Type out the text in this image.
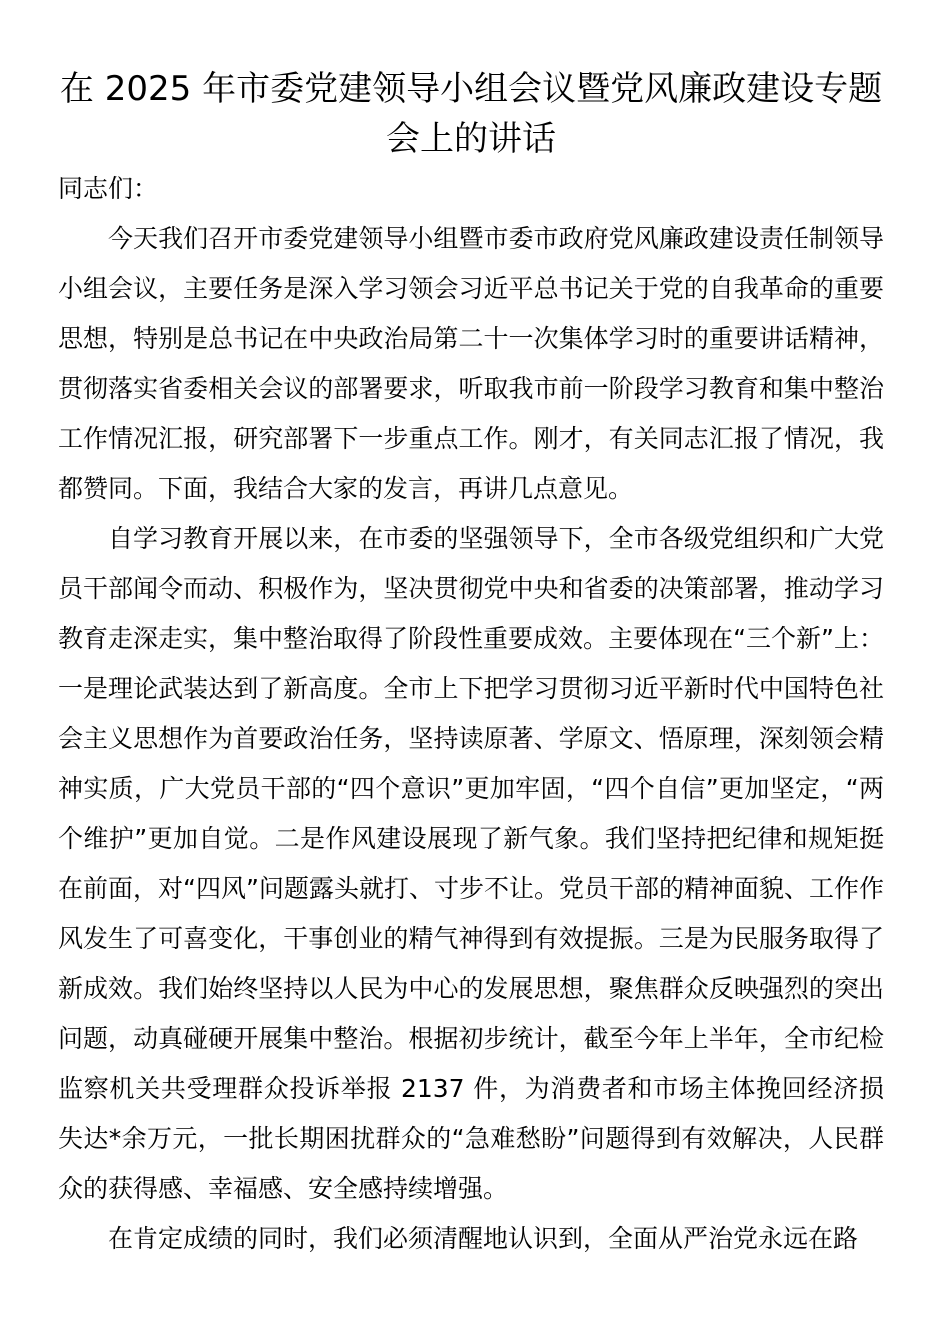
在 2025 年市委党建领导小组会议暨党风廉政建设专题会上的讲话

同志们：

今天我们召开市委党建领导小组暨市委市政府党风廉政建设责任制领导小组会议，主要任务是深入学习领会习近平总书记关于党的自我革命的重要思想，特别是总书记在中央政治局第二十一次集体学习时的重要讲话精神，贯彻落实省委相关会议的部署要求，听取我市前一阶段学习教育和集中整治工作情况汇报，研究部署下一步重点工作。刚才，有关同志汇报了情况，我都赞同。下面，我结合大家的发言，再讲几点意见。

自学习教育开展以来，在市委的坚强领导下，全市各级党组织和广大党员干部闻令而动、积极作为，坚决贯彻党中央和省委的决策部署，推动学习教育走深走实，集中整治取得了阶段性重要成效。主要体现在“三个新”上：一是理论武装达到了新高度。全市上下把学习贯彻习近平新时代中国特色社会主义思想作为首要政治任务，坚持读原著、学原文、悟原理，深刻领会精神实质，广大党员干部的“四个意识”更加牢固，“四个自信”更加坚定，“两个维护”更加自觉。二是作风建设展现了新气象。我们坚持把纪律和规矩挺在前面，对“四风”问题露头就打、寸步不让。党员干部的精神面貌、工作作风发生了可喜变化，干事创业的精气神得到有效提振。三是为民服务取得了新成效。我们始终坚持以人民为中心的发展思想，聚焦群众反映强烈的突出问题，动真碰硬开展集中整治。根据初步统计，截至今年上半年，全市纪检监察机关共受理群众投诉举报 2137 件，为消费者和市场主体挽回经济损失达*余万元，一批长期困扰群众的“急难愁盼”问题得到有效解决，人民群众的获得感、幸福感、安全感持续增强。

在肯定成绩的同时，我们必须清醒地认识到，全面从严治党永远在路
